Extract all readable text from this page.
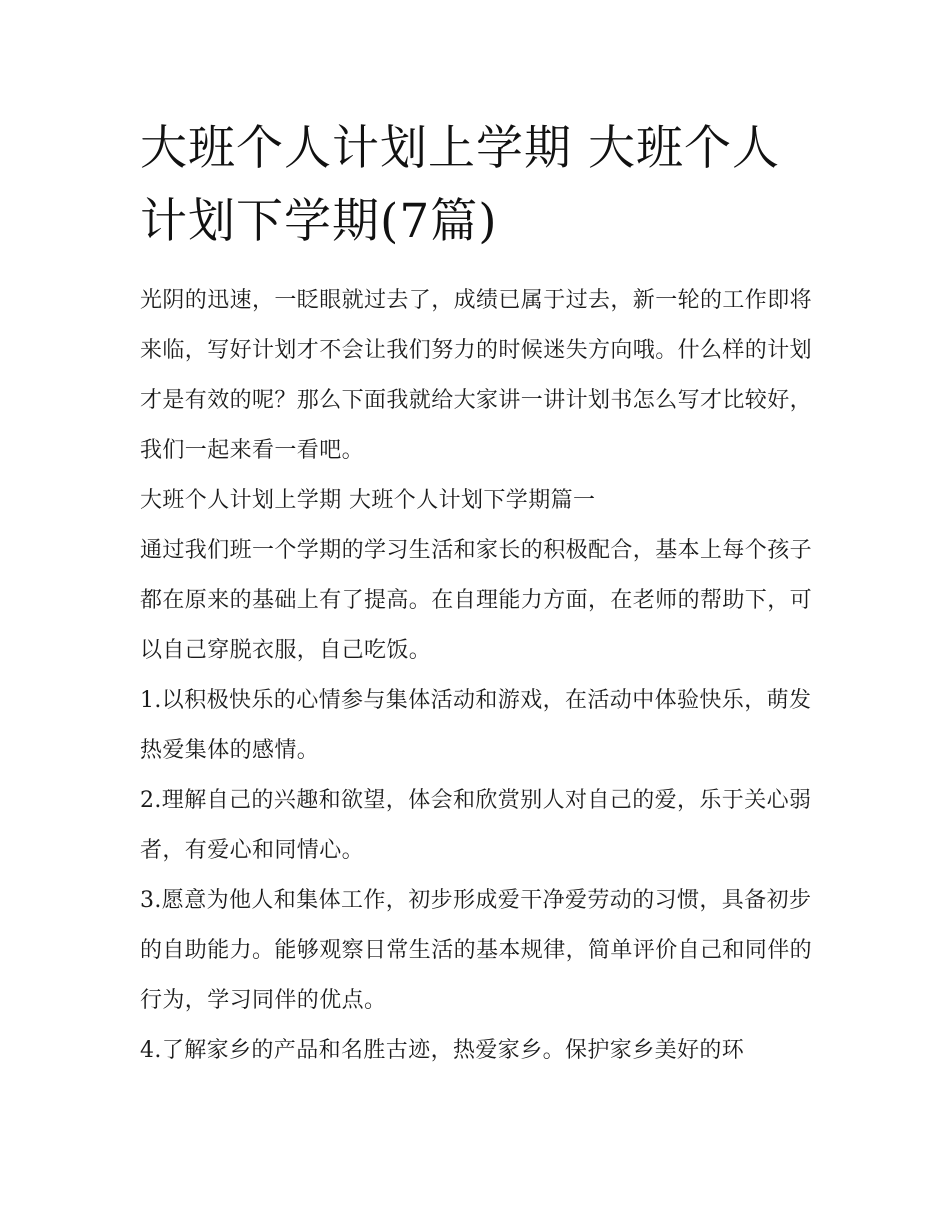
大班个人计划上学期 大班个人计划下学期(7篇)

光阴的迅速，一眨眼就过去了，成绩已属于过去，新一轮的工作即将来临，写好计划才不会让我们努力的时候迷失方向哦。什么样的计划才是有效的呢？那么下面我就给大家讲一讲计划书怎么写才比较好，我们一起来看一看吧。

大班个人计划上学期 大班个人计划下学期篇一

通过我们班一个学期的学习生活和家长的积极配合，基本上每个孩子都在原来的基础上有了提高。在自理能力方面，在老师的帮助下，可以自己穿脱衣服，自己吃饭。

1.以积极快乐的心情参与集体活动和游戏，在活动中体验快乐，萌发热爱集体的感情。

2.理解自己的兴趣和欲望，体会和欣赏别人对自己的爱，乐于关心弱者，有爱心和同情心。

3.愿意为他人和集体工作，初步形成爱干净爱劳动的习惯，具备初步的自助能力。能够观察日常生活的基本规律，简单评价自己和同伴的行为，学习同伴的优点。

4.了解家乡的产品和名胜古迹，热爱家乡。保护家乡美好的环
